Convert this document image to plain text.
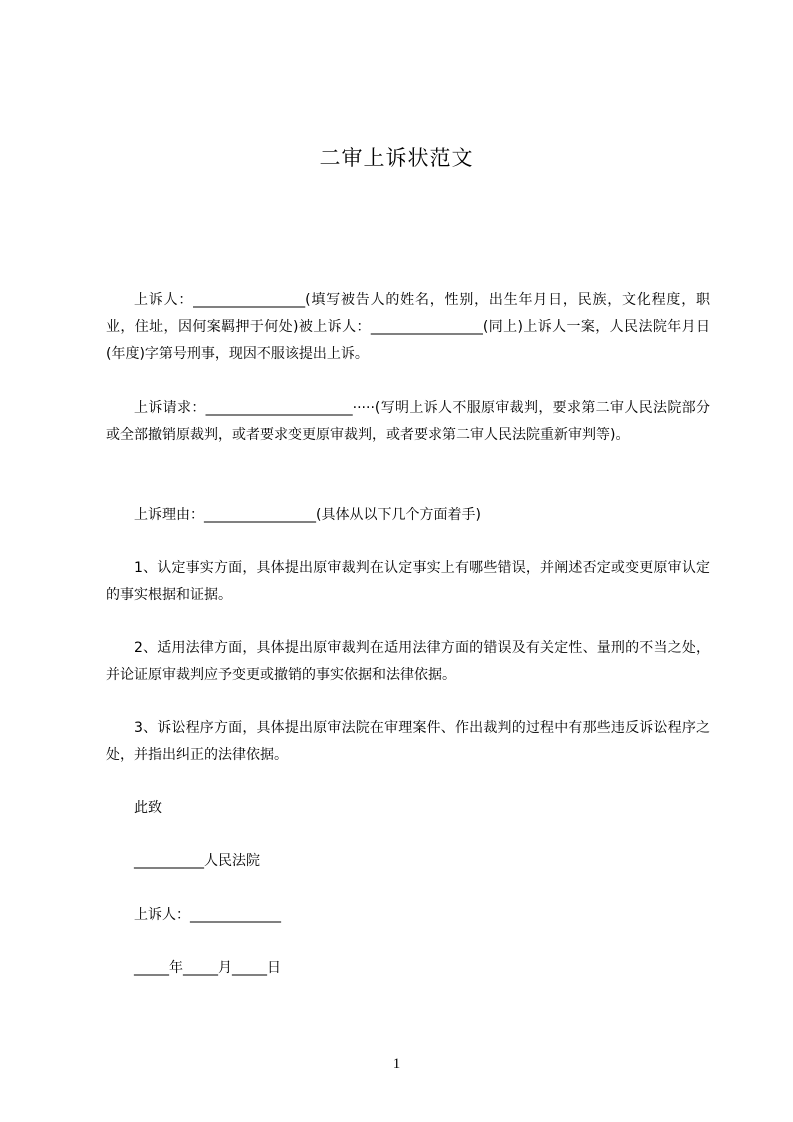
二审上诉状范文

上诉人：________________(填写被告人的姓名，性别，出生年月日，民族，文化程度，职业，住址，因何案羁押于何处)被上诉人：________________(同上)上诉人一案，人民法院年月日(年度)字第号刑事，现因不服该提出上诉。

上诉请求：_____________________·····(写明上诉人不服原审裁判，要求第二审人民法院部分或全部撤销原裁判，或者要求变更原审裁判，或者要求第二审人民法院重新审判等)。

上诉理由：________________(具体从以下几个方面着手)

1、认定事实方面，具体提出原审裁判在认定事实上有哪些错误，并阐述否定或变更原审认定的事实根据和证据。

2、适用法律方面，具体提出原审裁判在适用法律方面的错误及有关定性、量刑的不当之处，并论证原审裁判应予变更或撤销的事实依据和法律依据。

3、诉讼程序方面，具体提出原审法院在审理案件、作出裁判的过程中有那些违反诉讼程序之处，并指出纠正的法律依据。

此致

__________人民法院

上诉人：_____________

_____年_____月_____日

1
